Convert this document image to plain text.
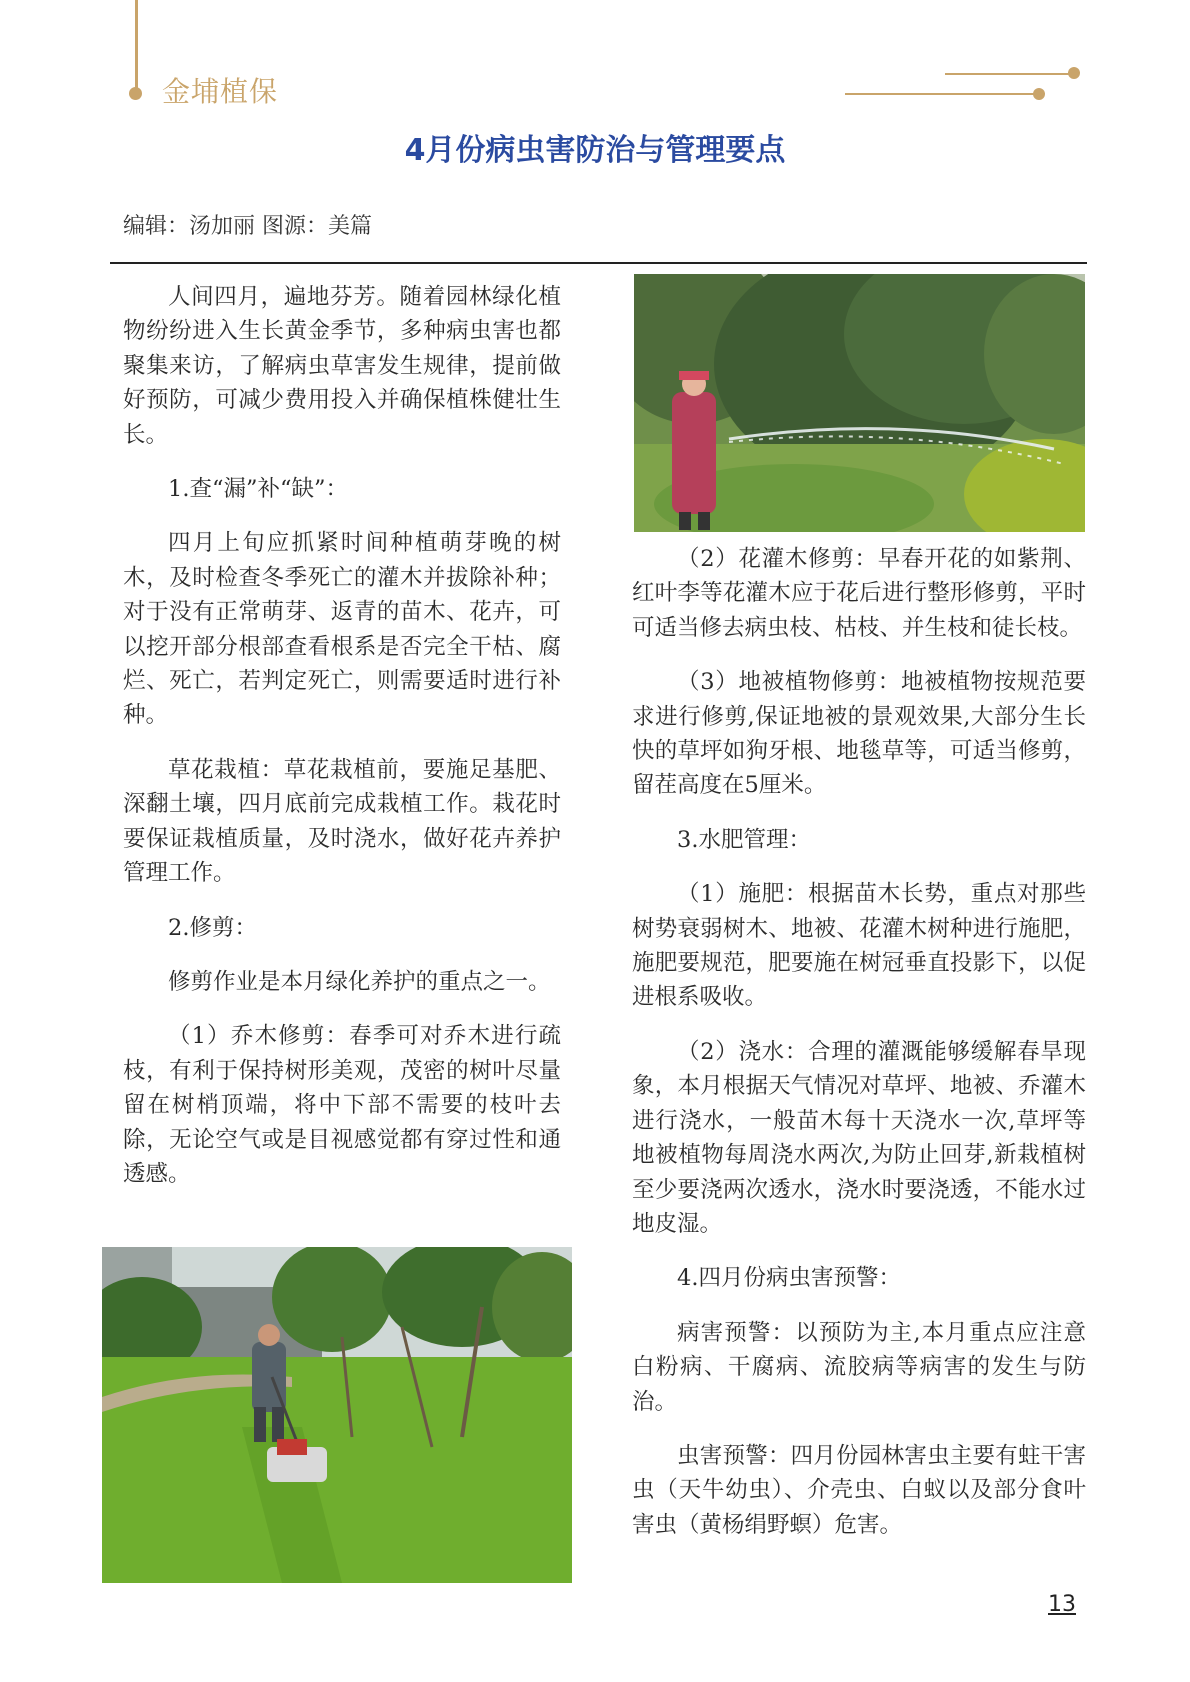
金埔植保
4月份病虫害防治与管理要点
编辑：汤加丽 图源：美篇

人间四月，遍地芬芳。随着园林绿化植物纷纷进入生长黄金季节，多种病虫害也都聚集来访，了解病虫草害发生规律，提前做好预防，可减少费用投入并确保植株健壮生长。

1.查“漏”补“缺”：

四月上旬应抓紧时间种植萌芽晚的树木，及时检查冬季死亡的灌木并拔除补种；对于没有正常萌芽、返青的苗木、花卉，可以挖开部分根部查看根系是否完全干枯、腐烂、死亡，若判定死亡，则需要适时进行补种。

草花栽植：草花栽植前，要施足基肥、深翻土壤，四月底前完成栽植工作。栽花时要保证栽植质量，及时浇水，做好花卉养护管理工作。

2.修剪：

修剪作业是本月绿化养护的重点之一。

（1）乔木修剪：春季可对乔木进行疏枝，有利于保持树形美观，茂密的树叶尽量留在树梢顶端，将中下部不需要的枝叶去除，无论空气或是目视感觉都有穿过性和通透感。

（2）花灌木修剪：早春开花的如紫荆、红叶李等花灌木应于花后进行整形修剪，平时可适当修去病虫枝、枯枝、并生枝和徒长枝。

（3）地被植物修剪：地被植物按规范要求进行修剪,保证地被的景观效果,大部分生长快的草坪如狗牙根、地毯草等，可适当修剪，留茬高度在5厘米。

3.水肥管理：

（1）施肥：根据苗木长势，重点对那些树势衰弱树木、地被、花灌木树种进行施肥，施肥要规范，肥要施在树冠垂直投影下，以促进根系吸收。

（2）浇水：合理的灌溉能够缓解春旱现象，本月根据天气情况对草坪、地被、乔灌木进行浇水，一般苗木每十天浇水一次,草坪等地被植物每周浇水两次,为防止回芽,新栽植树至少要浇两次透水，浇水时要浇透，不能水过地皮湿。

4.四月份病虫害预警：

病害预警：以预防为主,本月重点应注意白粉病、干腐病、流胶病等病害的发生与防治。

虫害预警：四月份园林害虫主要有蛀干害虫（天牛幼虫）、介壳虫、白蚁以及部分食叶害虫（黄杨绢野螟）危害。

13
